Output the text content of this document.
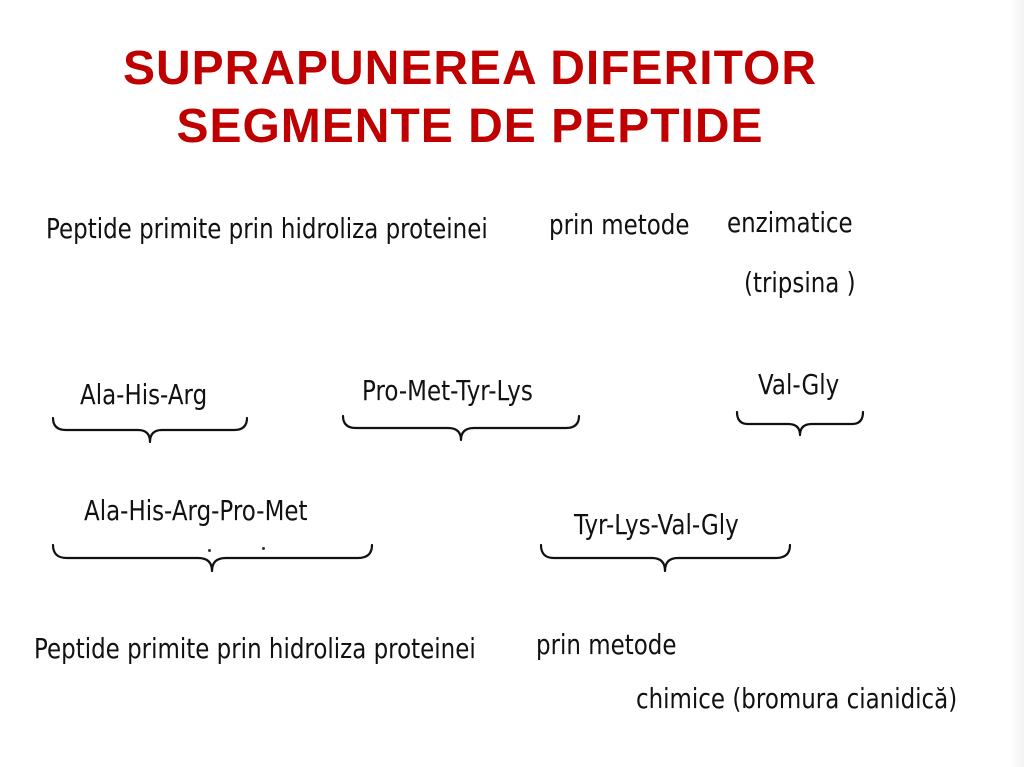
SUPRAPUNEREA DIFERITOR
SEGMENTE DE PEPTIDE
Peptide primite prin hidroliza proteinei prin metode enzimatice
(tripsina )
Ala-His-Arg	Pro-Met-Tyr-Lys	Val-Gly
Ala-His-Arg-Pro-Met	Tyr-Lys-Val-Gly
Peptide primite prin hidroliza proteinei prin metode
chimice (bromura cianidică)
